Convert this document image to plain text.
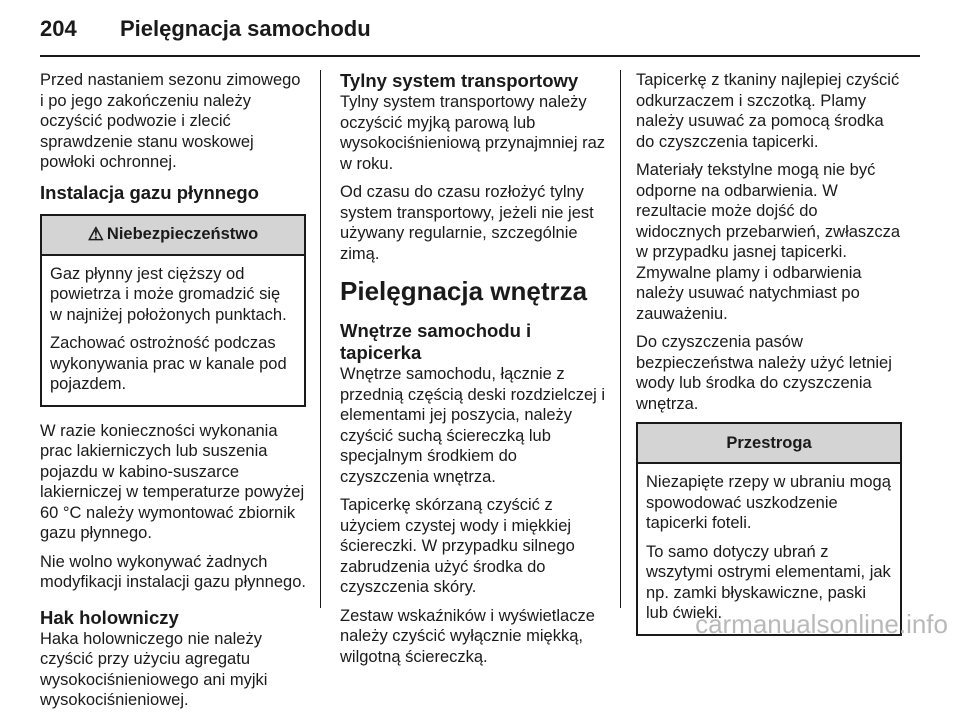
204 Pielęgnacja samochodu

Przed nastaniem sezonu zimowego i po jego zakończeniu należy oczyścić podwozie i zlecić sprawdzenie stanu woskowej powłoki ochronnej.

Instalacja gazu płynnego
⚠ Niebezpieczeństwo

Gaz płynny jest cięższy od powietrza i może gromadzić się w najniżej położonych punktach.

Zachować ostrożność podczas wykonywania prac w kanale pod pojazdem.

W razie konieczności wykonania prac lakierniczych lub suszenia pojazdu w kabino-suszarce lakierniczej w temperaturze powyżej 60 °C należy wymontować zbiornik gazu płynnego.

Nie wolno wykonywać żadnych modyfikacji instalacji gazu płynnego.

Hak holowniczy

Haka holowniczego nie należy czyścić przy użyciu agregatu wysokociśnieniowego ani myjki wysokociśnieniowej.

Tylny system transportowy

Tylny system transportowy należy oczyścić myjką parową lub wysokociśnieniową przynajmniej raz w roku.

Od czasu do czasu rozłożyć tylny system transportowy, jeżeli nie jest używany regularnie, szczególnie zimą.

Pielęgnacja wnętrza
Wnętrze samochodu i tapicerka

Wnętrze samochodu, łącznie z przednią częścią deski rozdzielczej i elementami jej poszycia, należy czyścić suchą ściereczką lub specjalnym środkiem do czyszczenia wnętrza.

Tapicerkę skórzaną czyścić z użyciem czystej wody i miękkiej ściereczki. W przypadku silnego zabrudzenia użyć środka do czyszczenia skóry.

Zestaw wskaźników i wyświetlacze należy czyścić wyłącznie miękką, wilgotną ściereczką.

Tapicerkę z tkaniny najlepiej czyścić odkurzaczem i szczotką. Plamy należy usuwać za pomocą środka do czyszczenia tapicerki.

Materiały tekstylne mogą nie być odporne na odbarwienia. W rezultacie może dojść do widocznych przebarwień, zwłaszcza w przypadku jasnej tapicerki. Zmywalne plamy i odbarwienia należy usuwać natychmiast po zauważeniu.

Do czyszczenia pasów bezpieczeństwa należy użyć letniej wody lub środka do czyszczenia wnętrza.

Przestroga

Niezapięte rzepy w ubraniu mogą spowodować uszkodzenie tapicerki foteli.

To samo dotyczy ubrań z wszytymi ostrymi elementami, jak np. zamki błyskawiczne, paski lub ćwieki.

carmanualsonline.info
